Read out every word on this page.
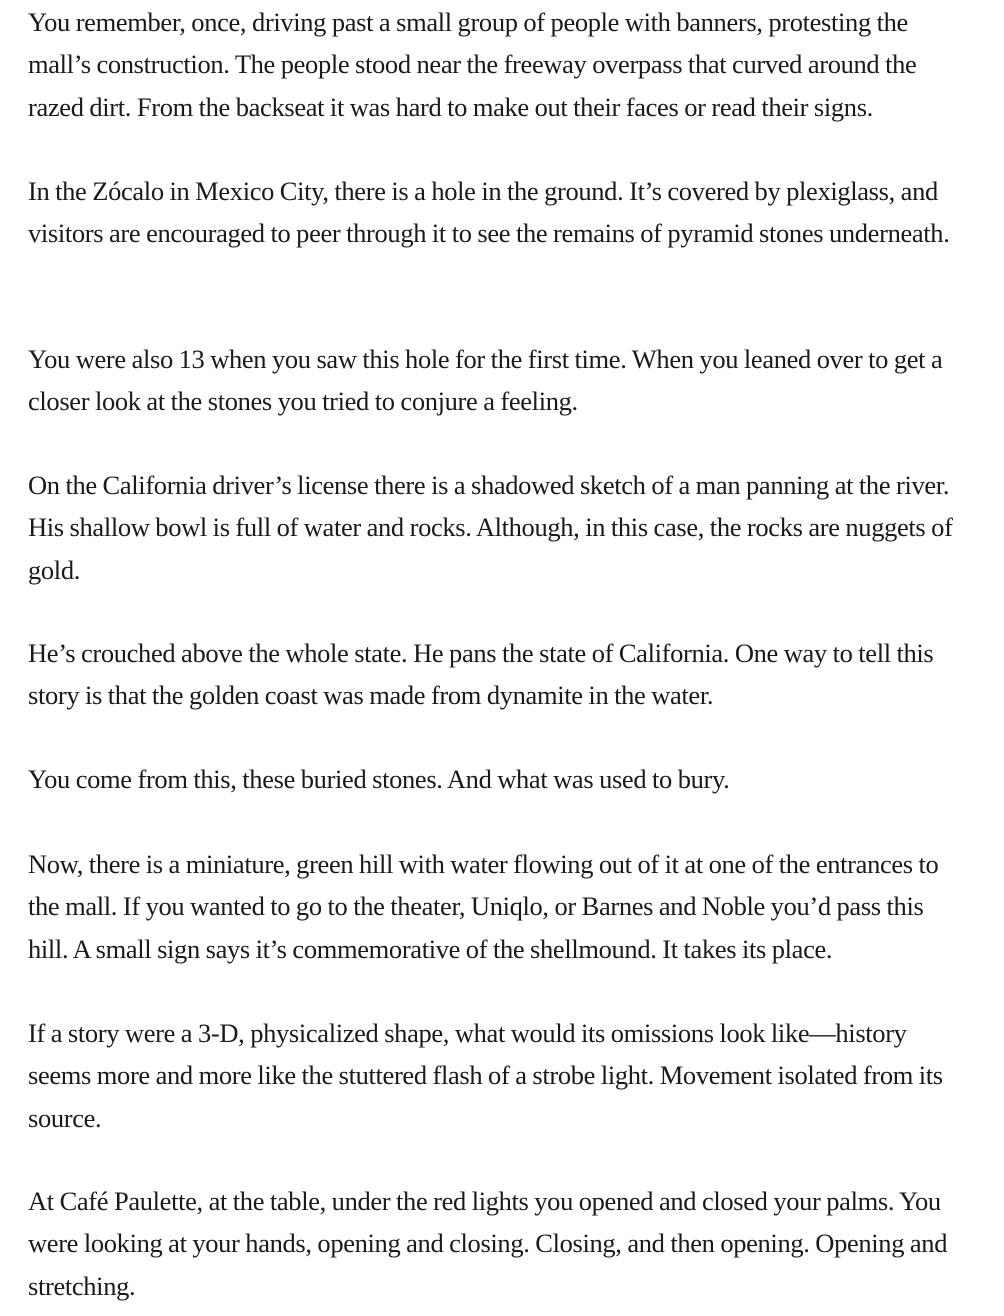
You remember, once, driving past a small group of people with banners, protesting the mall’s construction. The people stood near the freeway overpass that curved around the razed dirt. From the backseat it was hard to make out their faces or read their signs.

In the Zócalo in Mexico City, there is a hole in the ground. It’s covered by plexiglass, and visitors are encouraged to peer through it to see the remains of pyramid stones underneath.

You were also 13 when you saw this hole for the first time. When you leaned over to get a closer look at the stones you tried to conjure a feeling.

On the California driver’s license there is a shadowed sketch of a man panning at the river. His shallow bowl is full of water and rocks. Although, in this case, the rocks are nuggets of gold.

He’s crouched above the whole state. He pans the state of California. One way to tell this story is that the golden coast was made from dynamite in the water.

You come from this, these buried stones. And what was used to bury.

Now, there is a miniature, green hill with water flowing out of it at one of the entrances to the mall. If you wanted to go to the theater, Uniqlo, or Barnes and Noble you’d pass this hill. A small sign says it’s commemorative of the shellmound. It takes its place.

If a story were a 3-D, physicalized shape, what would its omissions look like—history seems more and more like the stuttered flash of a strobe light. Movement isolated from its source.

At Café Paulette, at the table, under the red lights you opened and closed your palms. You were looking at your hands, opening and closing. Closing, and then opening. Opening and stretching.
